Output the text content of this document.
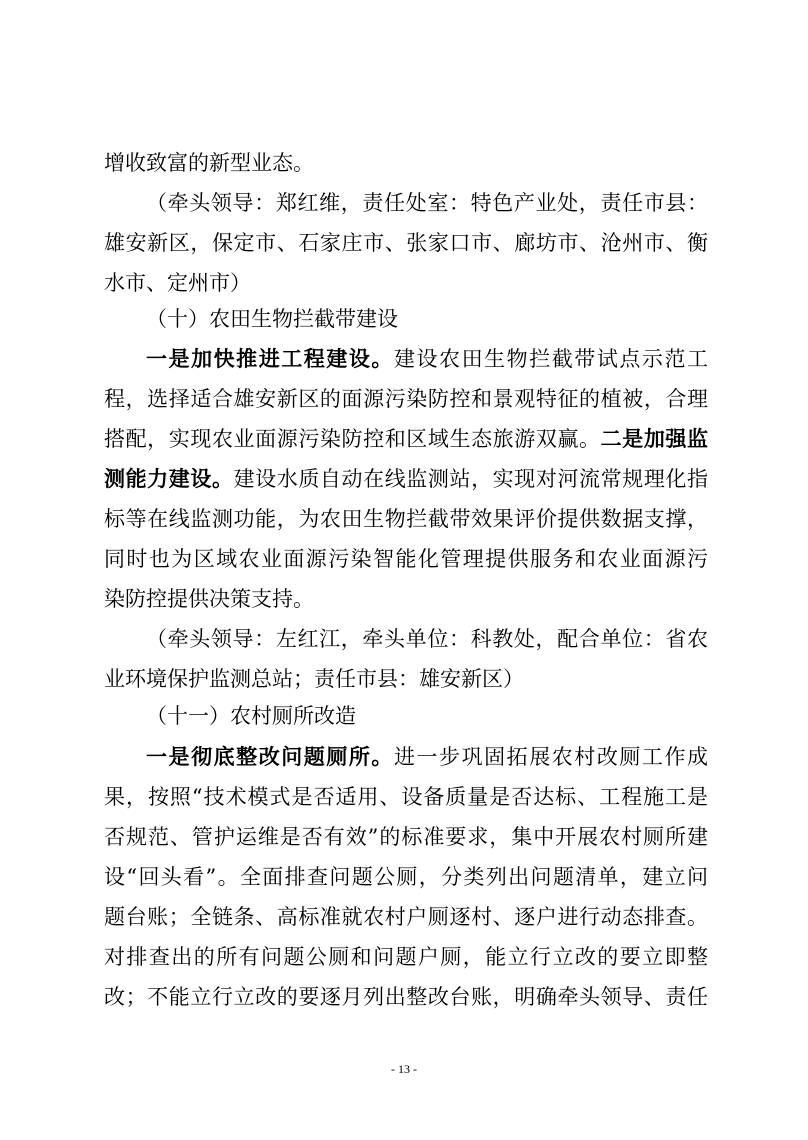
增收致富的新型业态。
（牵头领导：郑红维，责任处室：特色产业处，责任市县：
雄安新区，保定市、石家庄市、张家口市、廊坊市、沧州市、衡
水市、定州市）
（十）农田生物拦截带建设
一是加快推进工程建设。建设农田生物拦截带试点示范工
程，选择适合雄安新区的面源污染防控和景观特征的植被，合理
搭配，实现农业面源污染防控和区域生态旅游双赢。二是加强监
测能力建设。建设水质自动在线监测站，实现对河流常规理化指
标等在线监测功能，为农田生物拦截带效果评价提供数据支撑，
同时也为区域农业面源污染智能化管理提供服务和农业面源污
染防控提供决策支持。
（牵头领导：左红江，牵头单位：科教处，配合单位：省农
业环境保护监测总站；责任市县：雄安新区）
（十一）农村厕所改造
一是彻底整改问题厕所。进一步巩固拓展农村改厕工作成
果，按照“技术模式是否适用、设备质量是否达标、工程施工是
否规范、管护运维是否有效”的标准要求，集中开展农村厕所建
设“回头看”。全面排查问题公厕，分类列出问题清单，建立问
题台账；全链条、高标准就农村户厕逐村、逐户进行动态排查。
对排查出的所有问题公厕和问题户厕，能立行立改的要立即整
改；不能立行立改的要逐月列出整改台账，明确牵头领导、责任
- 13 -
